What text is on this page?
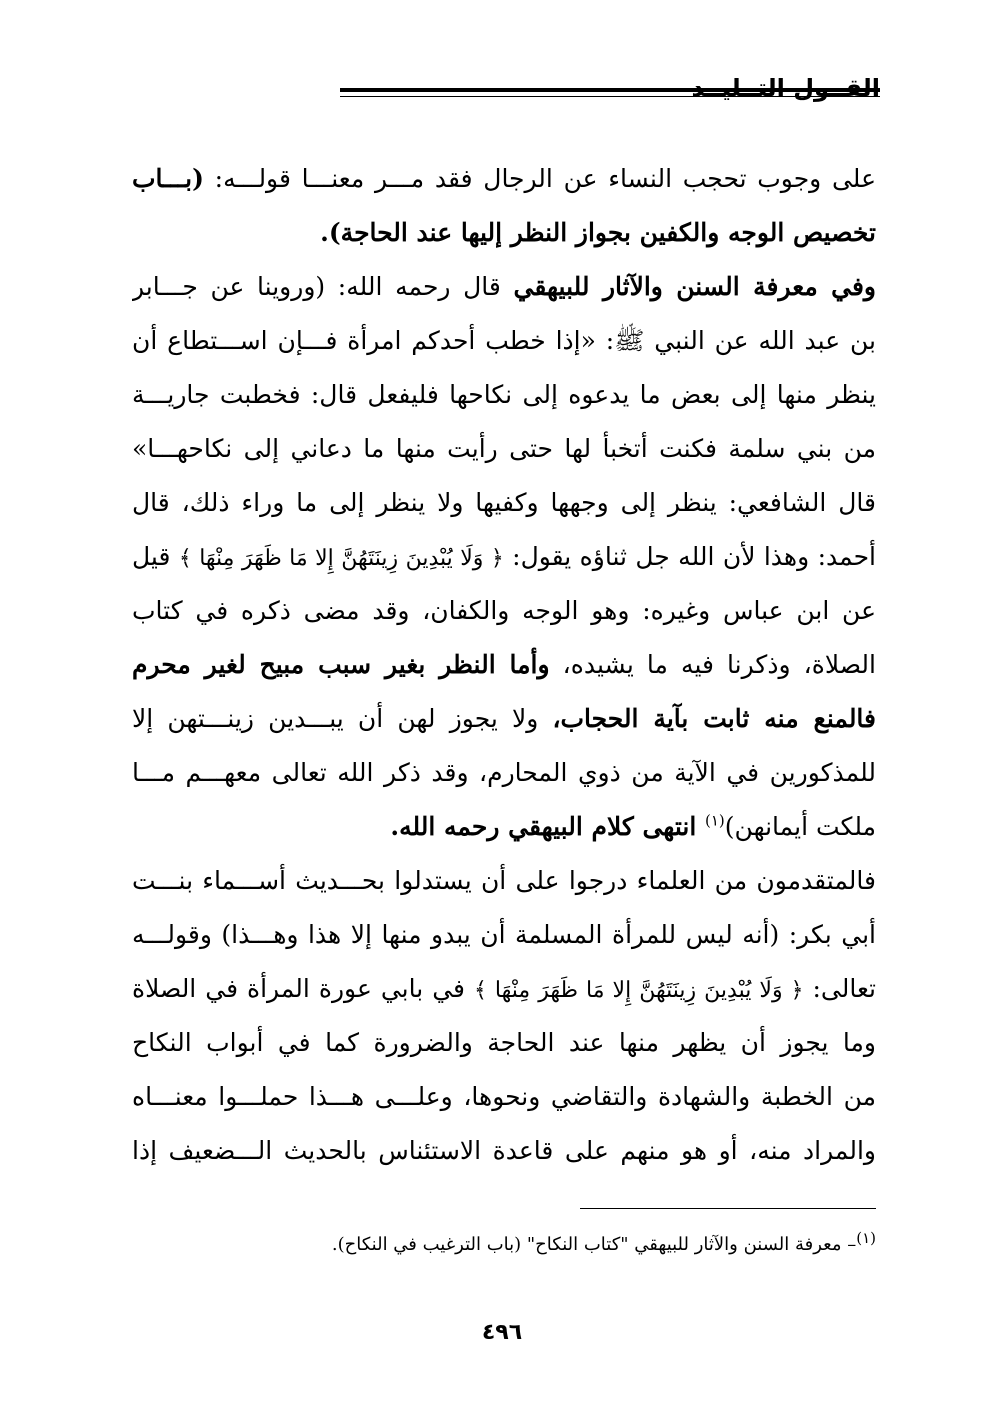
القــول التــليــد
على وجوب تحجب النساء عن الرجال فقد مـــر معنـــا قولـــه: (بـــاب
تخصيص الوجه والكفين بجواز النظر إليها عند الحاجة).
وفي معرفة السنن والآثار للبيهقي قال رحمه الله: (وروينا عن جـــابر
بن عبد الله عن النبي ﷺ: «إذا خطب أحدكم امرأة فـــإن اســـتطاع أن
ينظر منها إلى بعض ما يدعوه إلى نكاحها فليفعل قال: فخطبت جاريـــة
من بني سلمة فكنت أتخبأ لها حتى رأيت منها ما دعاني إلى نكاحهـــا»
قال الشافعي: ينظر إلى وجهها وكفيها ولا ينظر إلى ما وراء ذلك، قال
أحمد: وهذا لأن الله جل ثناؤه يقول: ﴿ وَلَا يُبْدِينَ زِينَتَهُنَّ إِلا مَا ظَهَرَ مِنْهَا ﴾ قيل
عن ابن عباس وغيره: وهو الوجه والكفان، وقد مضى ذكره في كتاب
الصلاة، وذكرنا فيه ما يشيده، وأما النظر بغير سبب مبيح لغير محرم
فالمنع منه ثابت بآية الحجاب، ولا يجوز لهن أن يبـــدين زينـــتهن إلا
للمذكورين في الآية من ذوي المحارم، وقد ذكر الله تعالى معهـــم مـــا
ملكت أيمانهن)$^{(١)}$ انتهى كلام البيهقي رحمه الله.
فالمتقدمون من العلماء درجوا على أن يستدلوا بحـــديث أســـماء بنـــت
أبي بكر: (أنه ليس للمرأة المسلمة أن يبدو منها إلا هذا وهـــذا) وقولـــه
تعالى: ﴿ وَلَا يُبْدِينَ زِينَتَهُنَّ إِلا مَا ظَهَرَ مِنْهَا ﴾ في بابي عورة المرأة في الصلاة
وما يجوز أن يظهر منها عند الحاجة والضرورة كما في أبواب النكاح
من الخطبة والشهادة والتقاضي ونحوها، وعلـــى هـــذا حملـــوا معنـــاه
والمراد منه، أو هو منهم على قاعدة الاستئناس بالحديث الـــضعيف إذا
$^{(١)}$– معرفة السنن والآثار للبيهقي "كتاب النكاح" (باب الترغيب في النكاح).
٤٩٦
